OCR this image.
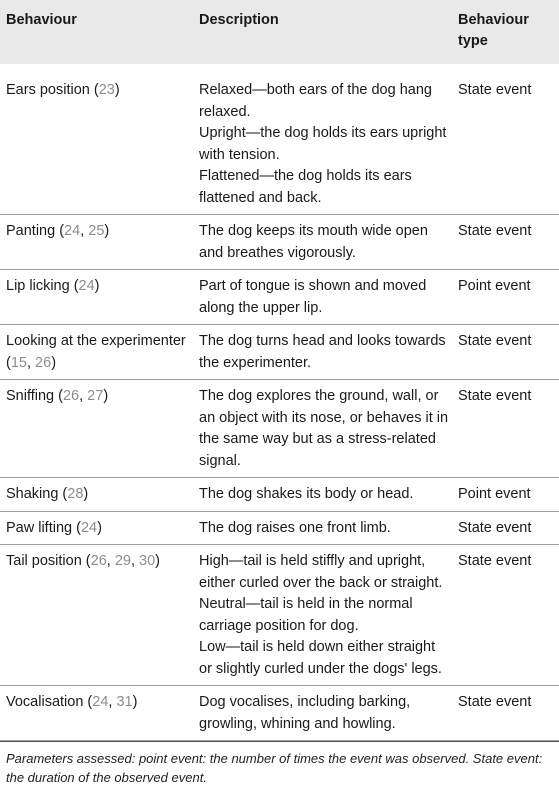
Behaviour	Description	Behaviour
type

Ears position (23)	Relaxed—both ears of the dog hang relaxed.
Upright—the dog holds its ears upright with tension.
Flattened—the dog holds its ears flattened and back.	State event
Panting (24, 25)	The dog keeps its mouth wide open and breathes vigorously.	State event
Lip licking (24)	Part of tongue is shown and moved along the upper lip.	Point event
Looking at the experimenter (15, 26)	The dog turns head and looks towards the experimenter.	State event
Sniffing (26, 27)	The dog explores the ground, wall, or an object with its nose, or behaves it in the same way but as a stress-related signal.	State event
Shaking (28)	The dog shakes its body or head.	Point event
Paw lifting (24)	The dog raises one front limb.	State event
Tail position (26, 29, 30)	High—tail is held stiffly and upright, either curled over the back or straight.
Neutral—tail is held in the normal carriage position for dog.
Low—tail is held down either straight or slightly curled under the dogs' legs.	State event
Vocalisation (24, 31)	Dog vocalises, including barking, growling, whining and howling.	State event
Parameters assessed: point event: the number of times the event was observed. State event: the duration of the observed event.
